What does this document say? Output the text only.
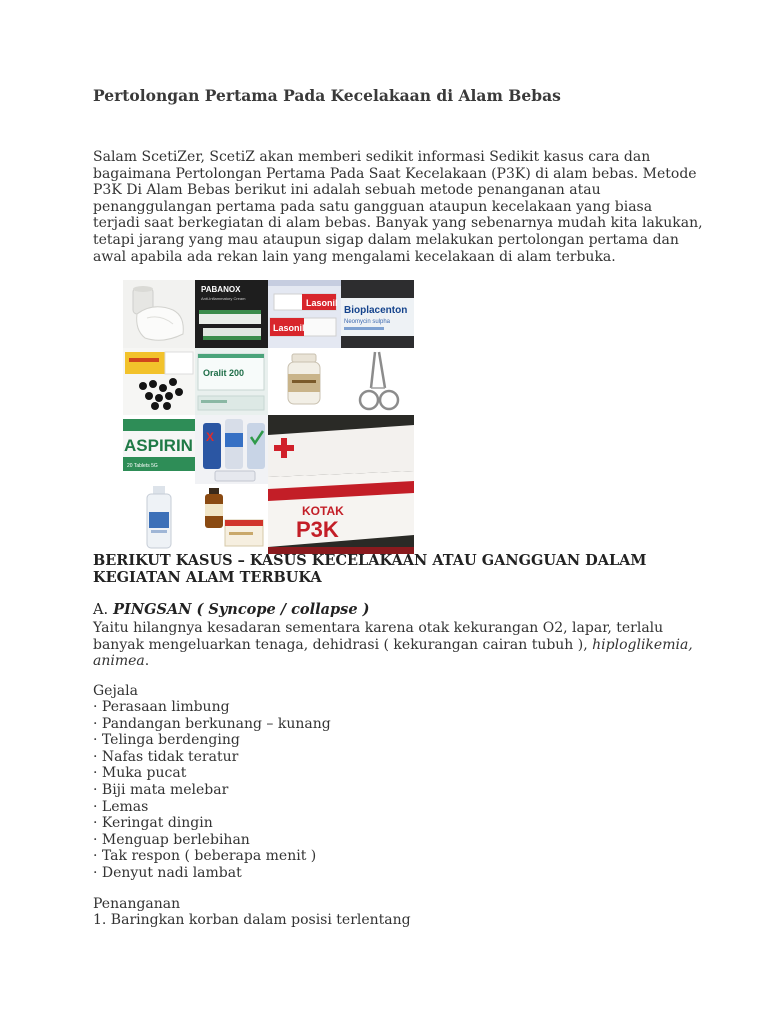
Pertolongan Pertama Pada Kecelakaan di Alam Bebas

Salam ScetiZer, ScetiZ akan memberi sedikit informasi Sedikit kasus cara dan bagaimana Pertolongan Pertama Pada Saat Kecelakaan (P3K) di alam bebas. Metode P3K Di Alam Bebas berikut ini adalah sebuah metode penanganan atau penanggulangan pertama pada satu gangguan ataupun kecelakaan yang biasa terjadi saat berkegiatan di alam bebas. Banyak yang sebenarnya mudah kita lakukan, tetapi jarang yang mau ataupun sigap dalam melakukan pertolongan pertama dan awal apabila ada rekan lain yang mengalami kecelakaan di alam terbuka.

PABANOX
Anti-Inflammatory Cream	Lasonil
Lasonil
Bioplacenton
Neomycin sulpha
Oralit 200
ASPIRIN
20 Tablets 5G
X
KOTAK
P3K
BERIKUT KASUS – KASUS KECELAKAAN ATAU GANGGUAN DALAM KEGIATAN ALAM TERBUKA
A. PINGSAN ( Syncope / collapse )

Yaitu hilangnya kesadaran sementara karena otak kekurangan O2, lapar, terlalu banyak mengeluarkan tenaga, dehidrasi ( kekurangan cairan tubuh ), hiploglikemia, animea.

Gejala

· Perasaan limbung
· Pandangan berkunang – kunang
· Telinga berdenging
· Nafas tidak teratur
· Muka pucat
· Biji mata melebar
· Lemas
· Keringat dingin
· Menguap berlebihan
· Tak respon ( beberapa menit )
· Denyut nadi lambat

Penanganan

1. Baringkan korban dalam posisi terlentang
